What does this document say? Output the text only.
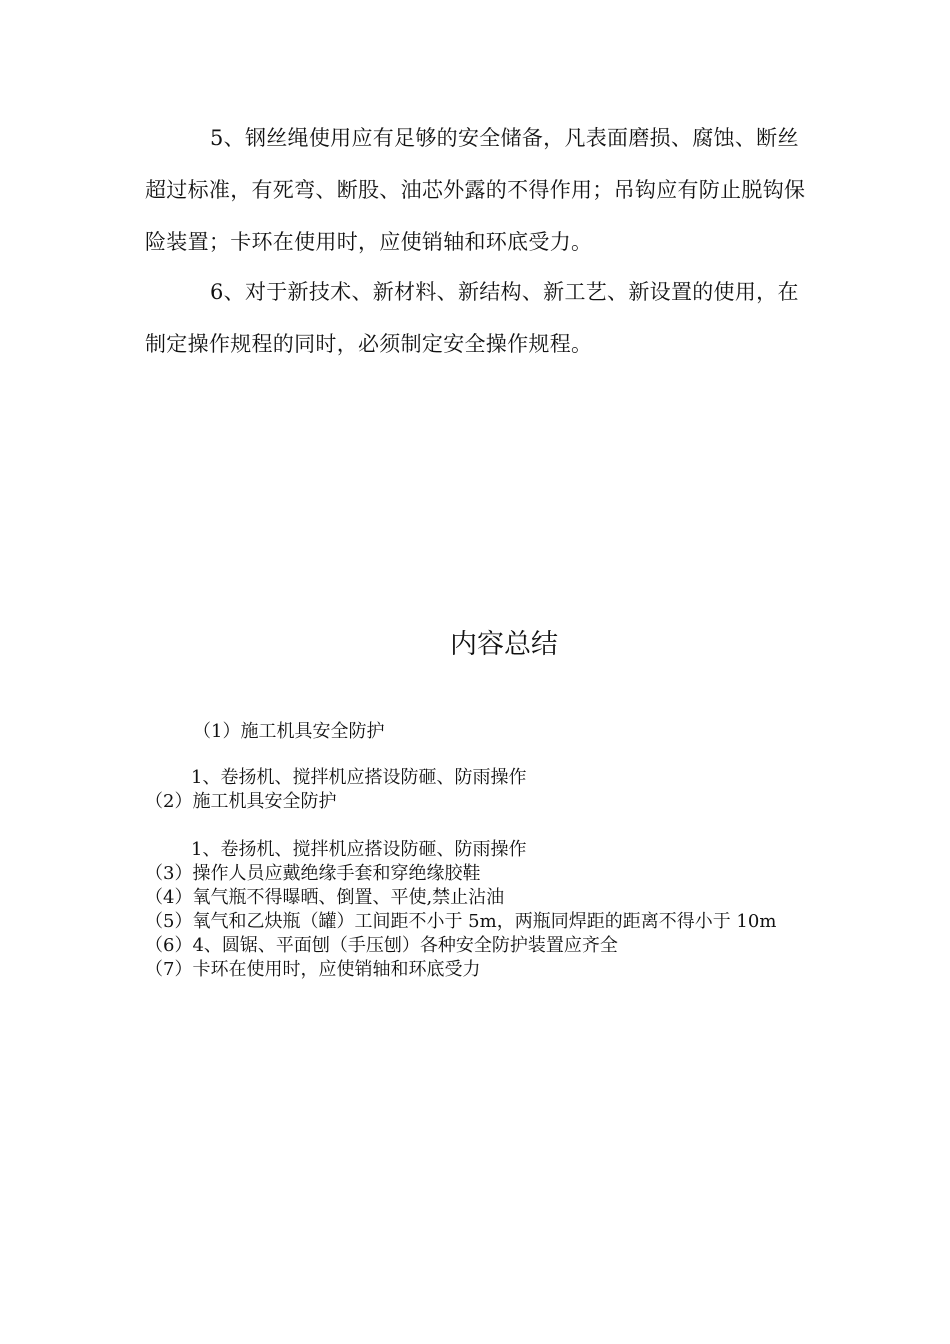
5、钢丝绳使用应有足够的安全储备，凡表面磨损、腐蚀、断丝超过标准，有死弯、断股、油芯外露的不得作用；吊钩应有防止脱钩保险装置；卡环在使用时，应使销轴和环底受力。

6、对于新技术、新材料、新结构、新工艺、新设置的使用，在制定操作规程的同时，必须制定安全操作规程。

内容总结
（1）施工机具安全防护
1、卷扬机、搅拌机应搭设防砸、防雨操作
（2）施工机具安全防护
1、卷扬机、搅拌机应搭设防砸、防雨操作
（3）操作人员应戴绝缘手套和穿绝缘胶鞋
（4）氧气瓶不得曝晒、倒置、平使,禁止沾油
（5）氧气和乙炔瓶（罐）工间距不小于 5m，两瓶同焊距的距离不得小于 10m
（6）4、圆锯、平面刨（手压刨）各种安全防护装置应齐全
（7）卡环在使用时，应使销轴和环底受力
